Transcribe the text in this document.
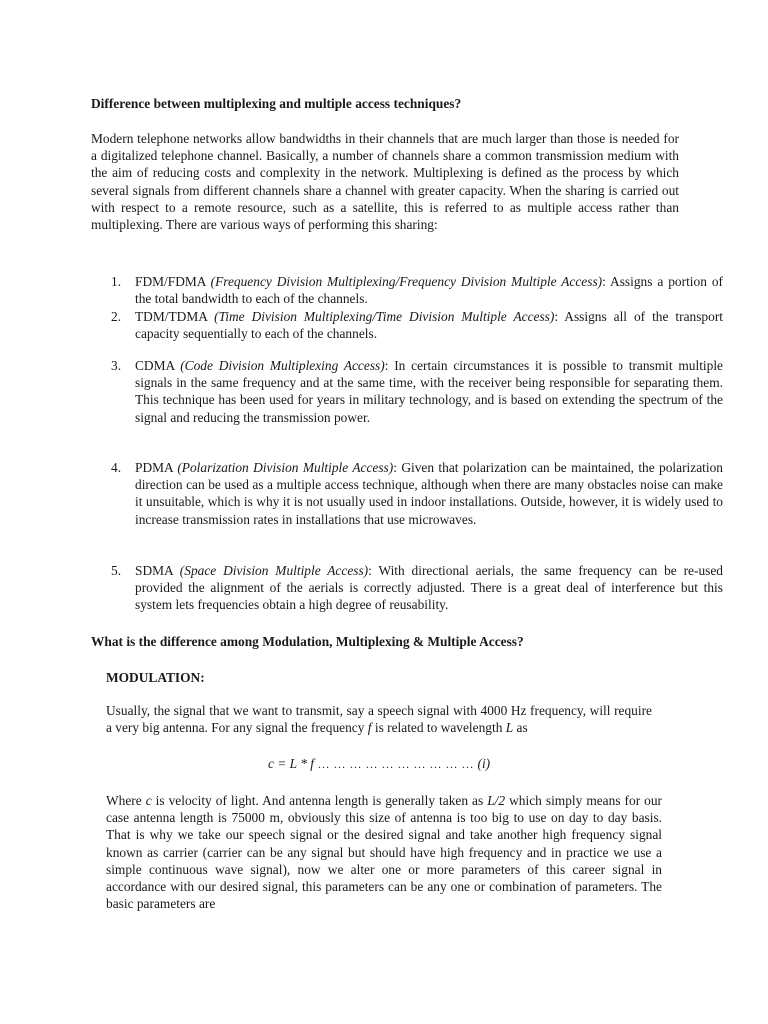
Difference between multiplexing and multiple access techniques?

Modern telephone networks allow bandwidths in their channels that are much larger than those is needed for a digitalized telephone channel. Basically, a number of channels share a common transmission medium with the aim of reducing costs and complexity in the network. Multiplexing is defined as the process by which several signals from different channels share a channel with greater capacity. When the sharing is carried out with respect to a remote resource, such as a satellite, this is referred to as multiple access rather than multiplexing. There are various ways of performing this sharing:

1. FDM/FDMA (Frequency Division Multiplexing/Frequency Division Multiple Access): Assigns a portion of the total bandwidth to each of the channels.
2. TDM/TDMA (Time Division Multiplexing/Time Division Multiple Access): Assigns all of the transport capacity sequentially to each of the channels.
3. CDMA (Code Division Multiplexing Access): In certain circumstances it is possible to transmit multiple signals in the same frequency and at the same time, with the receiver being responsible for separating them. This technique has been used for years in military technology, and is based on extending the spectrum of the signal and reducing the transmission power.
4. PDMA (Polarization Division Multiple Access): Given that polarization can be maintained, the polarization direction can be used as a multiple access technique, although when there are many obstacles noise can make it unsuitable, which is why it is not usually used in indoor installations. Outside, however, it is widely used to increase transmission rates in installations that use microwaves.
5. SDMA (Space Division Multiple Access): With directional aerials, the same frequency can be re-used provided the alignment of the aerials is correctly adjusted. There is a great deal of interference but this system lets frequencies obtain a high degree of reusability.

What is the difference among Modulation, Multiplexing & Multiple Access?

MODULATION:

Usually, the signal that we want to transmit, say a speech signal with 4000 Hz frequency, will require a very big antenna. For any signal the frequency f is related to wavelength L as

c = L * f … … … … … … … … … … (i)

Where c is velocity of light. And antenna length is generally taken as L/2 which simply means for our case antenna length is 75000 m, obviously this size of antenna is too big to use on day to day basis. That is why we take our speech signal or the desired signal and take another high frequency signal known as carrier (carrier can be any signal but should have high frequency and in practice we use a simple continuous wave signal), now we alter one or more parameters of this career signal in accordance with our desired signal, this parameters can be any one or combination of parameters. The basic parameters are
